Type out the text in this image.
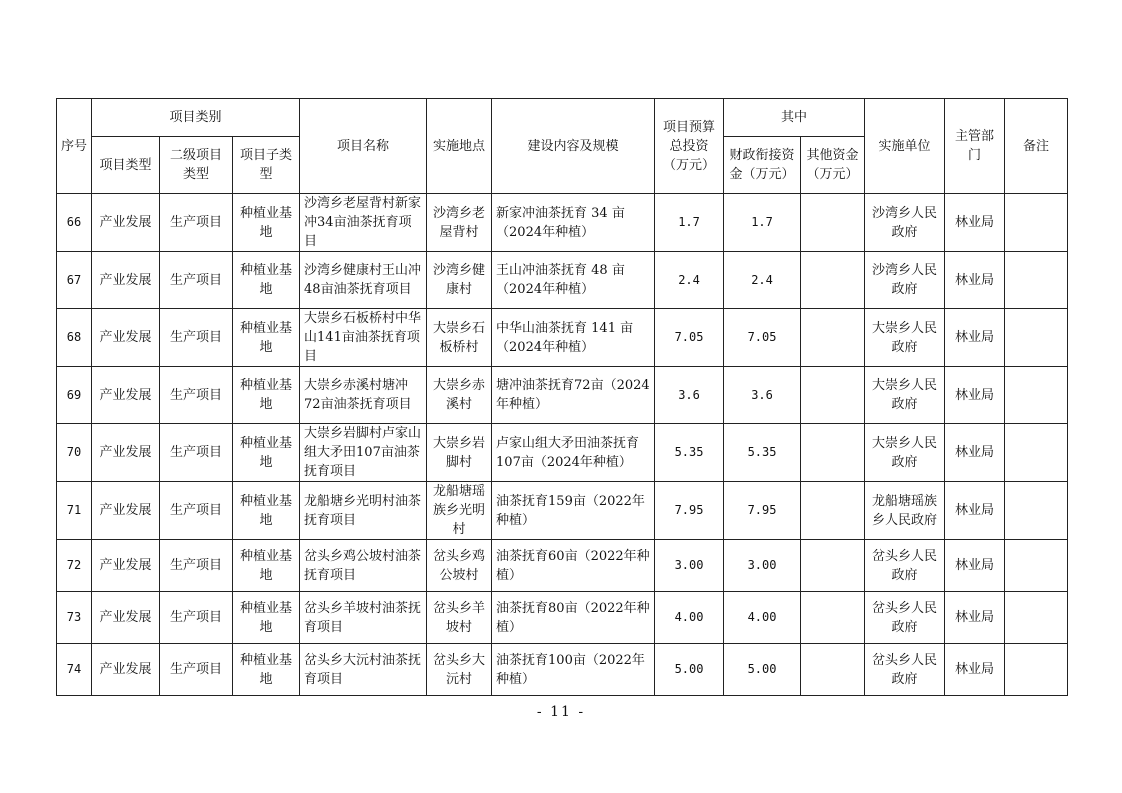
序号	项目类别			项目名称	实施地点	建设内容及规模	项目预算总投资（万元）	其中		实施单位	主管部门	备注
	项目类型	二级项目类型	项目子类型					财政衔接资金（万元）	其他资金（万元）			
66	产业发展	生产项目	种植业基地	沙湾乡老屋背村新家冲34亩油茶抚育项目	沙湾乡老屋背村	新家冲油茶抚育 34 亩（2024年种植）	1.7	1.7		沙湾乡人民政府	林业局	
67	产业发展	生产项目	种植业基地	沙湾乡健康村王山冲48亩油茶抚育项目	沙湾乡健康村	王山冲油茶抚育 48 亩（2024年种植）	2.4	2.4		沙湾乡人民政府	林业局	
68	产业发展	生产项目	种植业基地	大崇乡石板桥村中华山141亩油茶抚育项目	大崇乡石板桥村	中华山油茶抚育 141 亩（2024年种植）	7.05	7.05		大崇乡人民政府	林业局	
69	产业发展	生产项目	种植业基地	大崇乡赤溪村塘冲72亩油茶抚育项目	大崇乡赤溪村	塘冲油茶抚育72亩（2024年种植）	3.6	3.6		大崇乡人民政府	林业局	
70	产业发展	生产项目	种植业基地	大崇乡岩脚村卢家山组大矛田107亩油茶抚育项目	大崇乡岩脚村	卢家山组大矛田油茶抚育107亩（2024年种植）	5.35	5.35		大崇乡人民政府	林业局	
71	产业发展	生产项目	种植业基地	龙船塘乡光明村油茶抚育项目	龙船塘瑶族乡光明村	油茶抚育159亩（2022年种植）	7.95	7.95		龙船塘瑶族乡人民政府	林业局	
72	产业发展	生产项目	种植业基地	岔头乡鸡公坡村油茶抚育项目	岔头乡鸡公坡村	油茶抚育60亩（2022年种植）	3.00	3.00		岔头乡人民政府	林业局	
73	产业发展	生产项目	种植业基地	岔头乡羊坡村油茶抚育项目	岔头乡羊坡村	油茶抚育80亩（2022年种植）	4.00	4.00		岔头乡人民政府	林业局	
74	产业发展	生产项目	种植业基地	岔头乡大沅村油茶抚育项目	岔头乡大沅村	油茶抚育100亩（2022年种植）	5.00	5.00		岔头乡人民政府	林业局	
- 11 -
